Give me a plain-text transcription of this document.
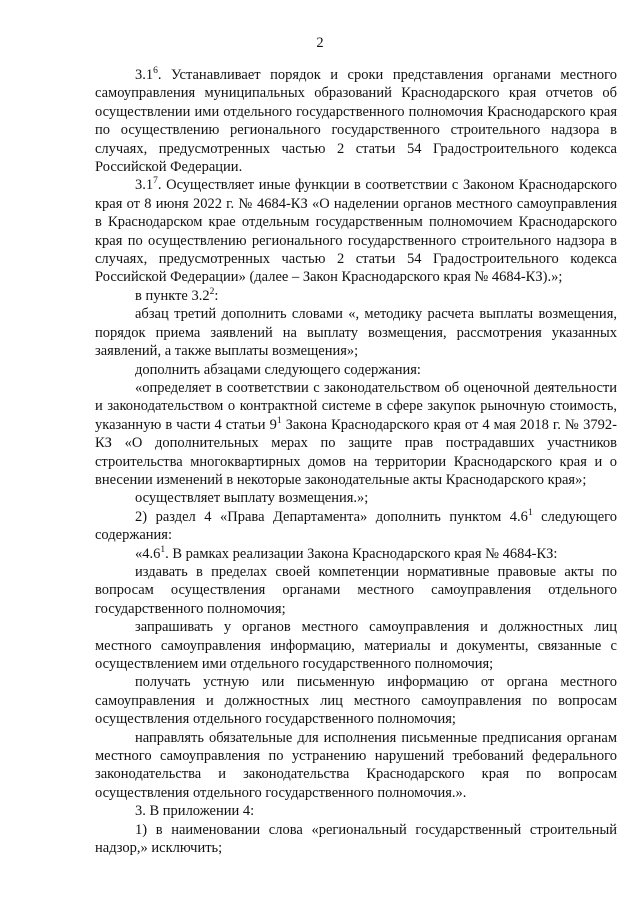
2

$3.1^6$. Устанавливает порядок и сроки представления органами местного самоуправления муниципальных образований Краснодарского края отчетов об осуществлении ими отдельного государственного полномочия Краснодарского края по осуществлению регионального государственного строительного надзора в случаях, предусмотренных частью 2 статьи 54 Градостроительного кодекса Российской Федерации.

$3.1^7$. Осуществляет иные функции в соответствии с Законом Краснодарского края от 8 июня 2022 г. № 4684-КЗ «О наделении органов местного самоуправления в Краснодарском крае отдельным государственным полномочием Краснодарского края по осуществлению регионального государственного строительного надзора в случаях, предусмотренных частью 2 статьи 54 Градостроительного кодекса Российской Федерации» (далее – Закон Краснодарского края № 4684-КЗ).»;

в пункте $3.2^2$:

абзац третий дополнить словами «, методику расчета выплаты возмещения, порядок приема заявлений на выплату возмещения, рассмотрения указанных заявлений, а также выплаты возмещения»;

дополнить абзацами следующего содержания:

«определяет в соответствии с законодательством об оценочной деятельности и законодательством о контрактной системе в сфере закупок рыночную стоимость, указанную в части 4 статьи $9^1$ Закона Краснодарского края от 4 мая 2018 г. № 3792-КЗ «О дополнительных мерах по защите прав пострадавших участников строительства многоквартирных домов на территории Краснодарского края и о внесении изменений в некоторые законодательные акты Краснодарского края»;

осуществляет выплату возмещения.»;

2) раздел 4 «Права Департамента» дополнить пунктом $4.6^1$ следующего содержания:

«$4.6^1$. В рамках реализации Закона Краснодарского края № 4684-КЗ:

издавать в пределах своей компетенции нормативные правовые акты по вопросам осуществления органами местного самоуправления отдельного государственного полномочия;

запрашивать у органов местного самоуправления и должностных лиц местного самоуправления информацию, материалы и документы, связанные с осуществлением ими отдельного государственного полномочия;

получать устную или письменную информацию от органа местного самоуправления и должностных лиц местного самоуправления по вопросам осуществления отдельного государственного полномочия;

направлять обязательные для исполнения письменные предписания органам местного самоуправления по устранению нарушений требований федерального законодательства и законодательства Краснодарского края по вопросам осуществления отдельного государственного полномочия.».

3. В приложении 4:

1) в наименовании слова «региональный государственный строительный надзор,» исключить;
